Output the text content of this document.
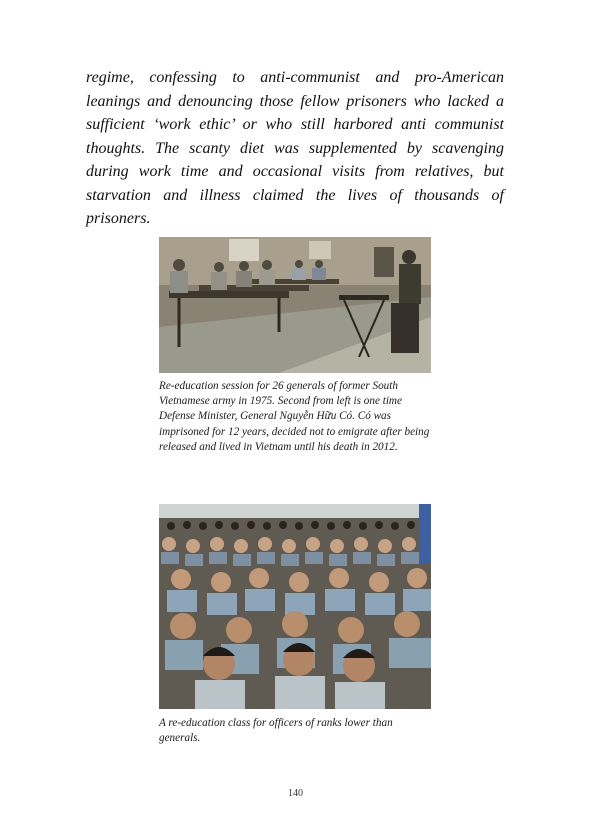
regime, confessing to anti-communist and pro-American leanings and denouncing those fellow prisoners who lacked a sufficient ‘work ethic’ or who still harbored anti communist thoughts. The scanty diet was supplemented by scavenging during work time and occasional visits from relatives, but starvation and illness claimed the lives of thousands of prisoners.

Re-education session for 26 generals of former South Vietnamese army in 1975. Second from left is one time Defense Minister, General Nguyễn Hữu Có. Có was imprisoned for 12 years, decided not to emigrate after being released and lived in Vietnam until his death in 2012.

A re-education class for officers of ranks lower than generals.

140
